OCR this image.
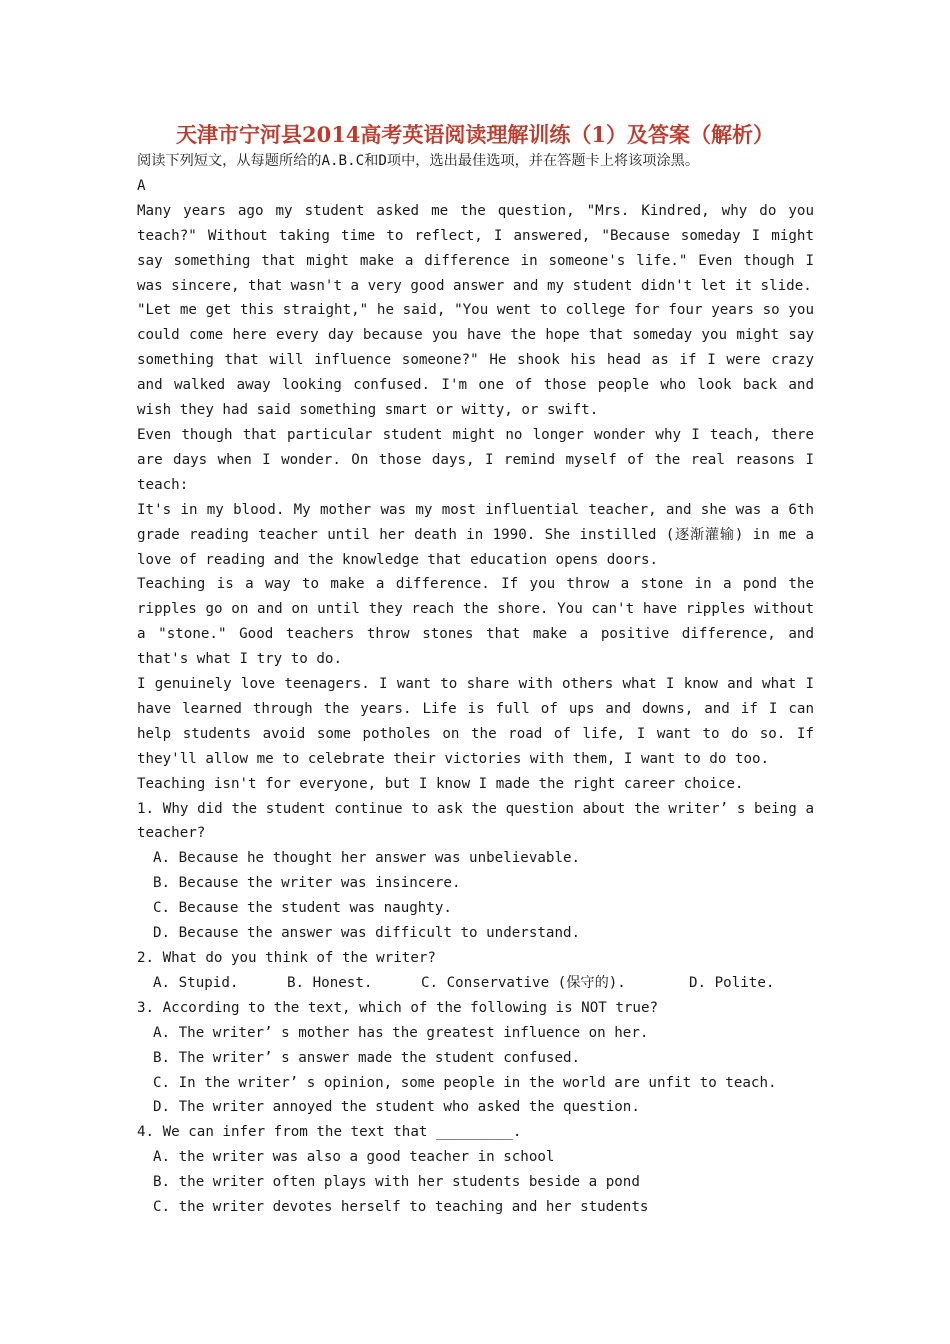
天津市宁河县2014高考英语阅读理解训练（1）及答案（解析）

阅读下列短文，从每题所给的A.B.C和D项中，选出最佳选项，并在答题卡上将该项涂黑。

A

Many years ago my student asked me the question, "Mrs. Kindred, why do you teach?" Without taking time to reflect, I answered, "Because someday I might say something that might make a difference in someone's life." Even though I was sincere, that wasn't a very good answer and my student didn't let it slide.

"Let me get this straight," he said, "You went to college for four years so you could come here every day because you have the hope that someday you might say something that will influence someone?" He shook his head as if I were crazy and walked away looking confused. I'm one of those people who look back and wish they had said something smart or witty, or swift.

Even though that particular student might no longer wonder why I teach, there are days when I wonder. On those days, I remind myself of the real reasons I teach:

It's in my blood. My mother was my most influential teacher, and she was a 6th grade reading teacher until her death in 1990. She instilled (逐渐灌输) in me a love of reading and the knowledge that education opens doors.

Teaching is a way to make a difference. If you throw a stone in a pond the ripples go on and on until they reach the shore. You can't have ripples without a "stone." Good teachers throw stones that make a positive difference, and that's what I try to do.

I genuinely love teenagers. I want to share with others what I know and what I have learned through the years. Life is full of ups and downs, and if I can help students avoid some potholes on the road of life, I want to do so. If they'll allow me to celebrate their victories with them, I want to do too.

Teaching isn't for everyone, but I know I made the right career choice.

1. Why did the student continue to ask the question about the writer’ s being a teacher?

A. Because he thought her answer was unbelievable.

B. Because the writer was insincere.

C. Because the student was naughty.

D. Because the answer was difficult to understand.

2. What do you think of the writer?

A. Stupid.	B. Honest.	C. Conservative (保守的).	D. Polite.

3. According to the text, which of the following is NOT true?

A. The writer’ s mother has the greatest influence on her.

B. The writer’ s answer made the student confused.

C. In the writer’ s opinion, some people in the world are unfit to teach.

D. The writer annoyed the student who asked the question.

4. We can infer from the text that _________.

A. the writer was also a good teacher in school

B. the writer often plays with her students beside a pond

C. the writer devotes herself to teaching and her students
